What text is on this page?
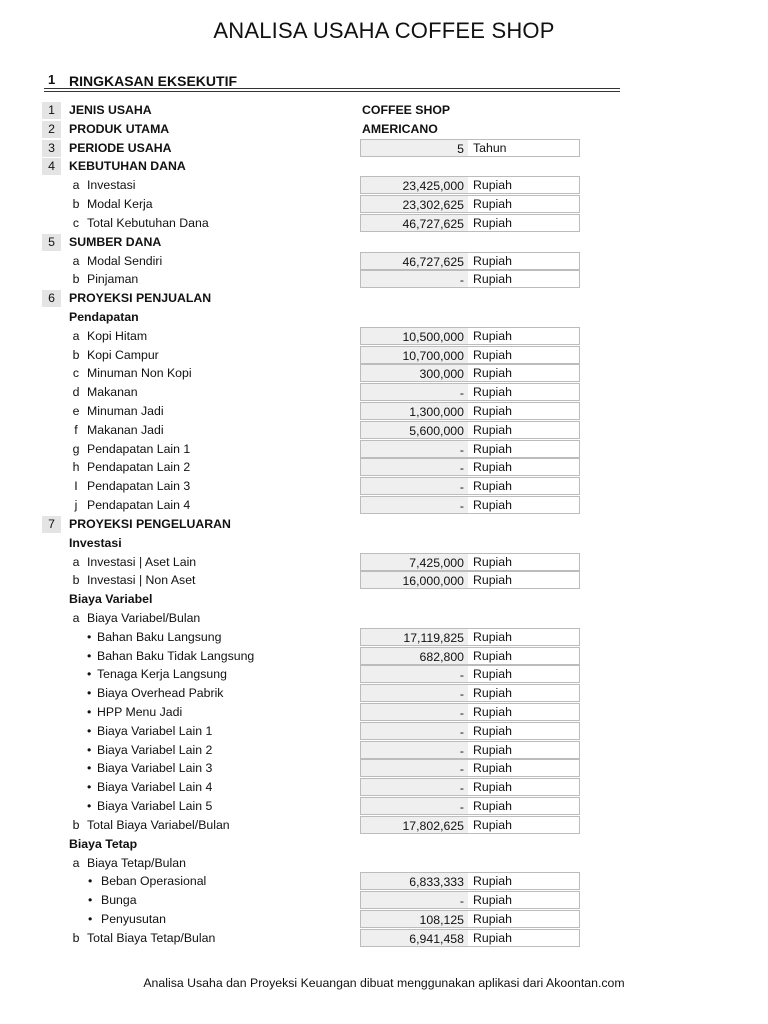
ANALISA USAHA COFFEE SHOP
1 RINGKASAN EKSEKUTIF
1	JENIS USAHA	COFFEE SHOP
2	PRODUK UTAMA	AMERICANO
3	PERIODE USAHA	5 Tahun
4	KEBUTUHAN DANA
a Investasi	23,425,000 Rupiah
b Modal Kerja	23,302,625 Rupiah
c Total Kebutuhan Dana	46,727,625 Rupiah
5	SUMBER DANA
a Modal Sendiri	46,727,625 Rupiah
b Pinjaman	- Rupiah
6	PROYEKSI PENJUALAN
Pendapatan
a Kopi Hitam	10,500,000 Rupiah
b Kopi Campur	10,700,000 Rupiah
c Minuman Non Kopi	300,000 Rupiah
d Makanan	- Rupiah
e Minuman Jadi	1,300,000 Rupiah
f Makanan Jadi	5,600,000 Rupiah
g Pendapatan Lain 1	- Rupiah
h Pendapatan Lain 2	- Rupiah
I Pendapatan Lain 3	- Rupiah
j Pendapatan Lain 4	- Rupiah
7	PROYEKSI PENGELUARAN
Investasi
a Investasi | Aset Lain	7,425,000 Rupiah
b Investasi | Non Aset	16,000,000 Rupiah
Biaya Variabel
a Biaya Variabel/Bulan
• Bahan Baku Langsung	17,119,825 Rupiah
• Bahan Baku Tidak Langsung	682,800 Rupiah
• Tenaga Kerja Langsung	- Rupiah
• Biaya Overhead Pabrik	- Rupiah
• HPP Menu Jadi	- Rupiah
• Biaya Variabel Lain 1	- Rupiah
• Biaya Variabel Lain 2	- Rupiah
• Biaya Variabel Lain 3	- Rupiah
• Biaya Variabel Lain 4	- Rupiah
• Biaya Variabel Lain 5	- Rupiah
b Total Biaya Variabel/Bulan	17,802,625 Rupiah
Biaya Tetap
a Biaya Tetap/Bulan
• Beban Operasional	6,833,333 Rupiah
• Bunga	- Rupiah
• Penyusutan	108,125 Rupiah
b Total Biaya Tetap/Bulan	6,941,458 Rupiah
Analisa Usaha dan Proyeksi Keuangan dibuat menggunakan aplikasi dari Akoontan.com
